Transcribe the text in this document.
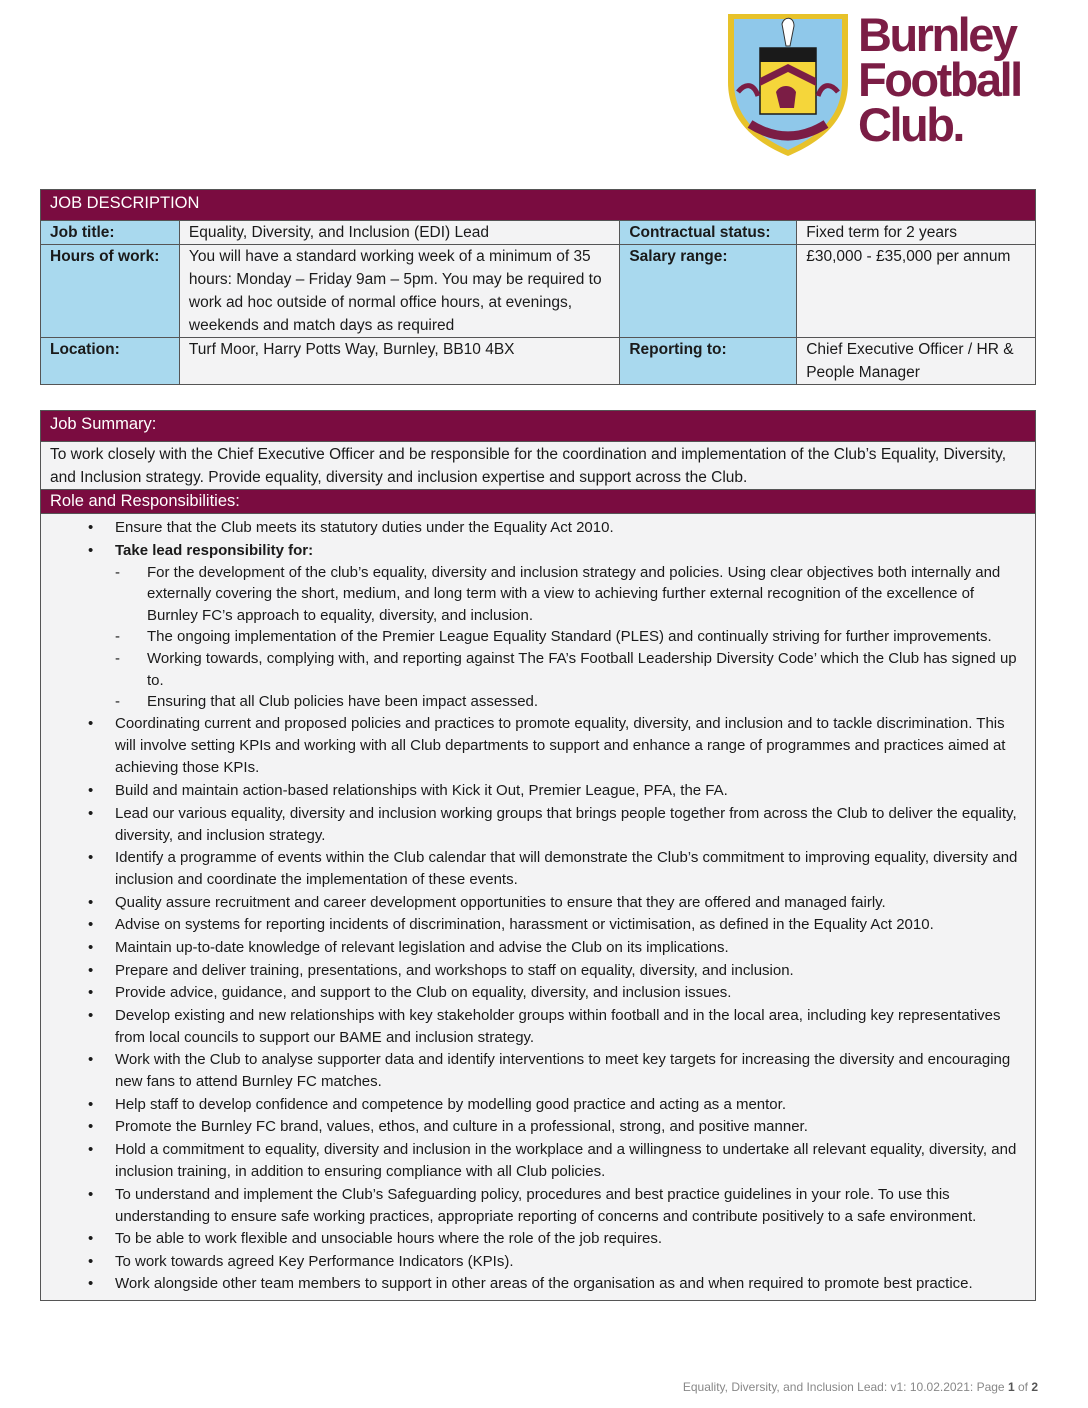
Burnley
Football
Club.
JOB DESCRIPTION			
Job title:	Equality, Diversity, and Inclusion (EDI) Lead	Contractual status:	Fixed term for 2 years
Hours of work:	You will have a standard working week of a minimum of 35 hours: Monday – Friday 9am – 5pm. You may be required to work ad hoc outside of normal office hours, at evenings, weekends and match days as required	Salary range:	£30,000 - £35,000 per annum
Location:	Turf Moor, Harry Potts Way, Burnley, BB10 4BX	Reporting to:	Chief Executive Officer / HR & People Manager
Job Summary:
To work closely with the Chief Executive Officer and be responsible for the coordination and implementation of the Club’s Equality, Diversity, and Inclusion strategy. Provide equality, diversity and inclusion expertise and support across the Club.
Role and Responsibilities:

• Ensure that the Club meets its statutory duties under the Equality Act 2010.
• Take lead responsibility for:
- For the development of the club’s equality, diversity and inclusion strategy and policies. Using clear objectives both internally and externally covering the short, medium, and long term with a view to achieving further external recognition of the excellence of Burnley FC’s approach to equality, diversity, and inclusion.
- The ongoing implementation of the Premier League Equality Standard (PLES) and continually striving for further improvements.
- Working towards, complying with, and reporting against The FA’s Football Leadership Diversity Code’ which the Club has signed up to.
- Ensuring that all Club policies have been impact assessed.
• Coordinating current and proposed policies and practices to promote equality, diversity, and inclusion and to tackle discrimination. This will involve setting KPIs and working with all Club departments to support and enhance a range of programmes and practices aimed at achieving those KPIs.
• Build and maintain action-based relationships with Kick it Out, Premier League, PFA, the FA.
• Lead our various equality, diversity and inclusion working groups that brings people together from across the Club to deliver the equality, diversity, and inclusion strategy.
• Identify a programme of events within the Club calendar that will demonstrate the Club’s commitment to improving equality, diversity and inclusion and coordinate the implementation of these events.
• Quality assure recruitment and career development opportunities to ensure that they are offered and managed fairly.
• Advise on systems for reporting incidents of discrimination, harassment or victimisation, as defined in the Equality Act 2010.
• Maintain up-to-date knowledge of relevant legislation and advise the Club on its implications.
• Prepare and deliver training, presentations, and workshops to staff on equality, diversity, and inclusion.
• Provide advice, guidance, and support to the Club on equality, diversity, and inclusion issues.
• Develop existing and new relationships with key stakeholder groups within football and in the local area, including key representatives from local councils to support our BAME and inclusion strategy.
• Work with the Club to analyse supporter data and identify interventions to meet key targets for increasing the diversity and encouraging new fans to attend Burnley FC matches.
• Help staff to develop confidence and competence by modelling good practice and acting as a mentor.
• Promote the Burnley FC brand, values, ethos, and culture in a professional, strong, and positive manner.
• Hold a commitment to equality, diversity and inclusion in the workplace and a willingness to undertake all relevant equality, diversity, and inclusion training, in addition to ensuring compliance with all Club policies.
• To understand and implement the Club’s Safeguarding policy, procedures and best practice guidelines in your role. To use this understanding to ensure safe working practices, appropriate reporting of concerns and contribute positively to a safe environment.
• To be able to work flexible and unsociable hours where the role of the job requires.
• To work towards agreed Key Performance Indicators (KPIs).
• Work alongside other team members to support in other areas of the organisation as and when required to promote best practice.
Equality, Diversity, and Inclusion Lead: v1: 10.02.2021: Page 1 of 2
